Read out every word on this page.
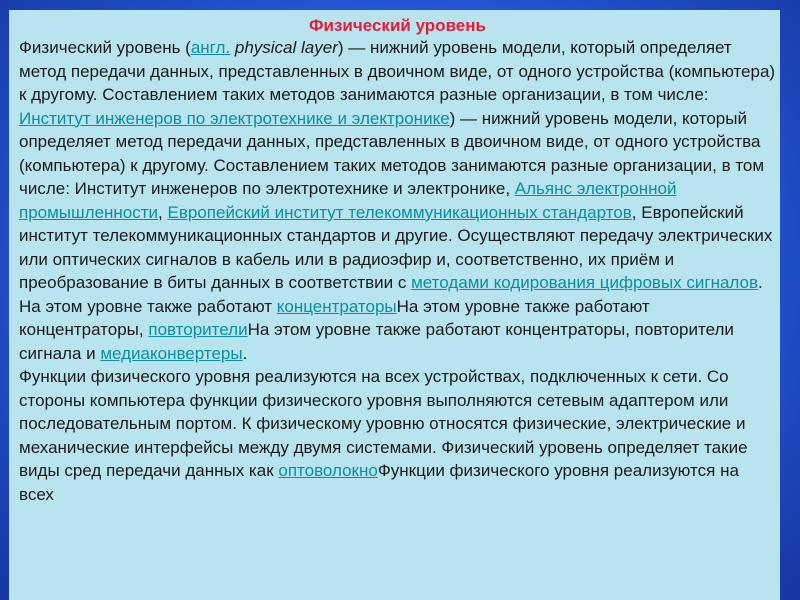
Физический уровень

Физический уровень (англ. physical layer) — нижний уровень модели, который определяет метод передачи данных, представленных в двоичном виде, от одного устройства (компьютера) к другому. Составлением таких методов занимаются разные организации, в том числе: Институт инженеров по электротехнике и электронике) — нижний уровень модели, который определяет метод передачи данных, представленных в двоичном виде, от одного устройства (компьютера) к другому. Составлением таких методов занимаются разные организации, в том числе: Институт инженеров по электротехнике и электронике, Альянс электронной промышленности, Европейский институт телекоммуникационных стандартов, Европейский институт телекоммуникационных стандартов и другие. Осуществляют передачу электрических или оптических сигналов в кабель или в радиоэфир и, соответственно, их приём и преобразование в биты данных в соответствии с методами кодирования цифровых сигналов.

На этом уровне также работают концентраторыНа этом уровне также работают концентраторы, повторителиНа этом уровне также работают концентраторы, повторители сигнала и медиаконвертеры.

Функции физического уровня реализуются на всех устройствах, подключенных к сети. Со стороны компьютера функции физического уровня выполняются сетевым адаптером или последовательным портом. К физическому уровню относятся физические, электрические и механические интерфейсы между двумя системами. Физический уровень определяет такие виды сред передачи данных как оптоволокноФункции физического уровня реализуются на всех
